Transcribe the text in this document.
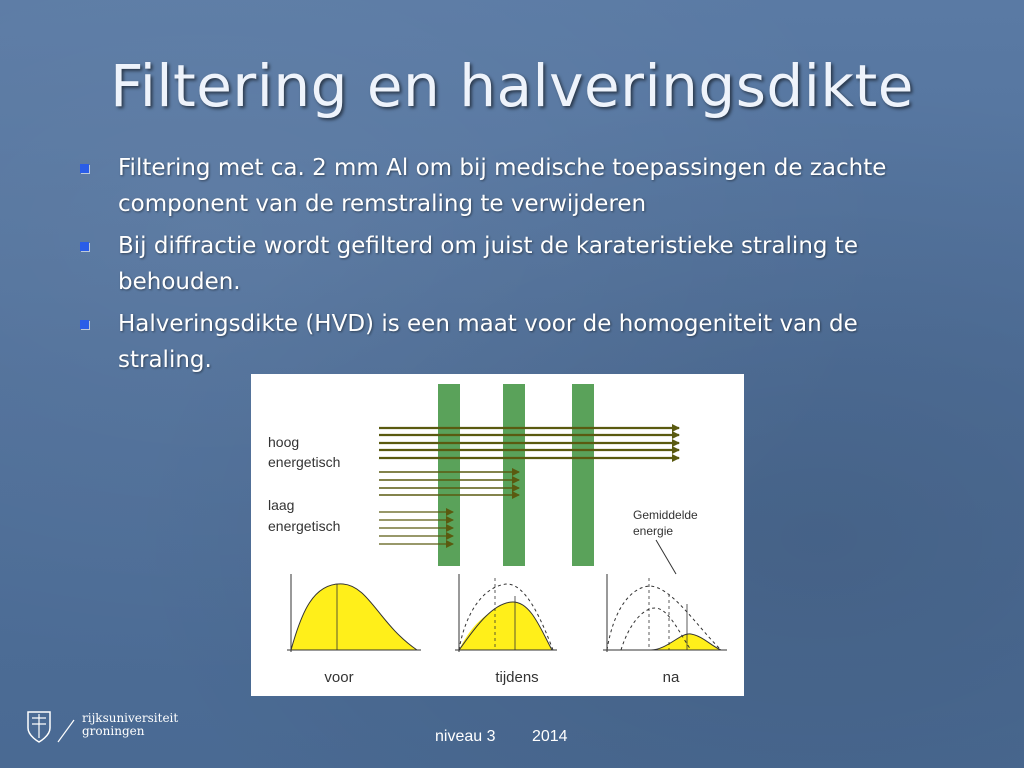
Filtering en halveringsdikte
Filtering met ca. 2 mm Al om bij medische toepassingen de zachte component van de remstraling te verwijderen
Bij diffractie wordt gefilterd om juist de karateristieke straling te behouden.
Halveringsdikte (HVD) is een maat voor de homogeniteit van de straling.
hoog
energetisch
laag
energetisch
Gemiddelde
energie
voor	tijdens	na
rijksuniversiteit
groningen	niveau 3 2014
